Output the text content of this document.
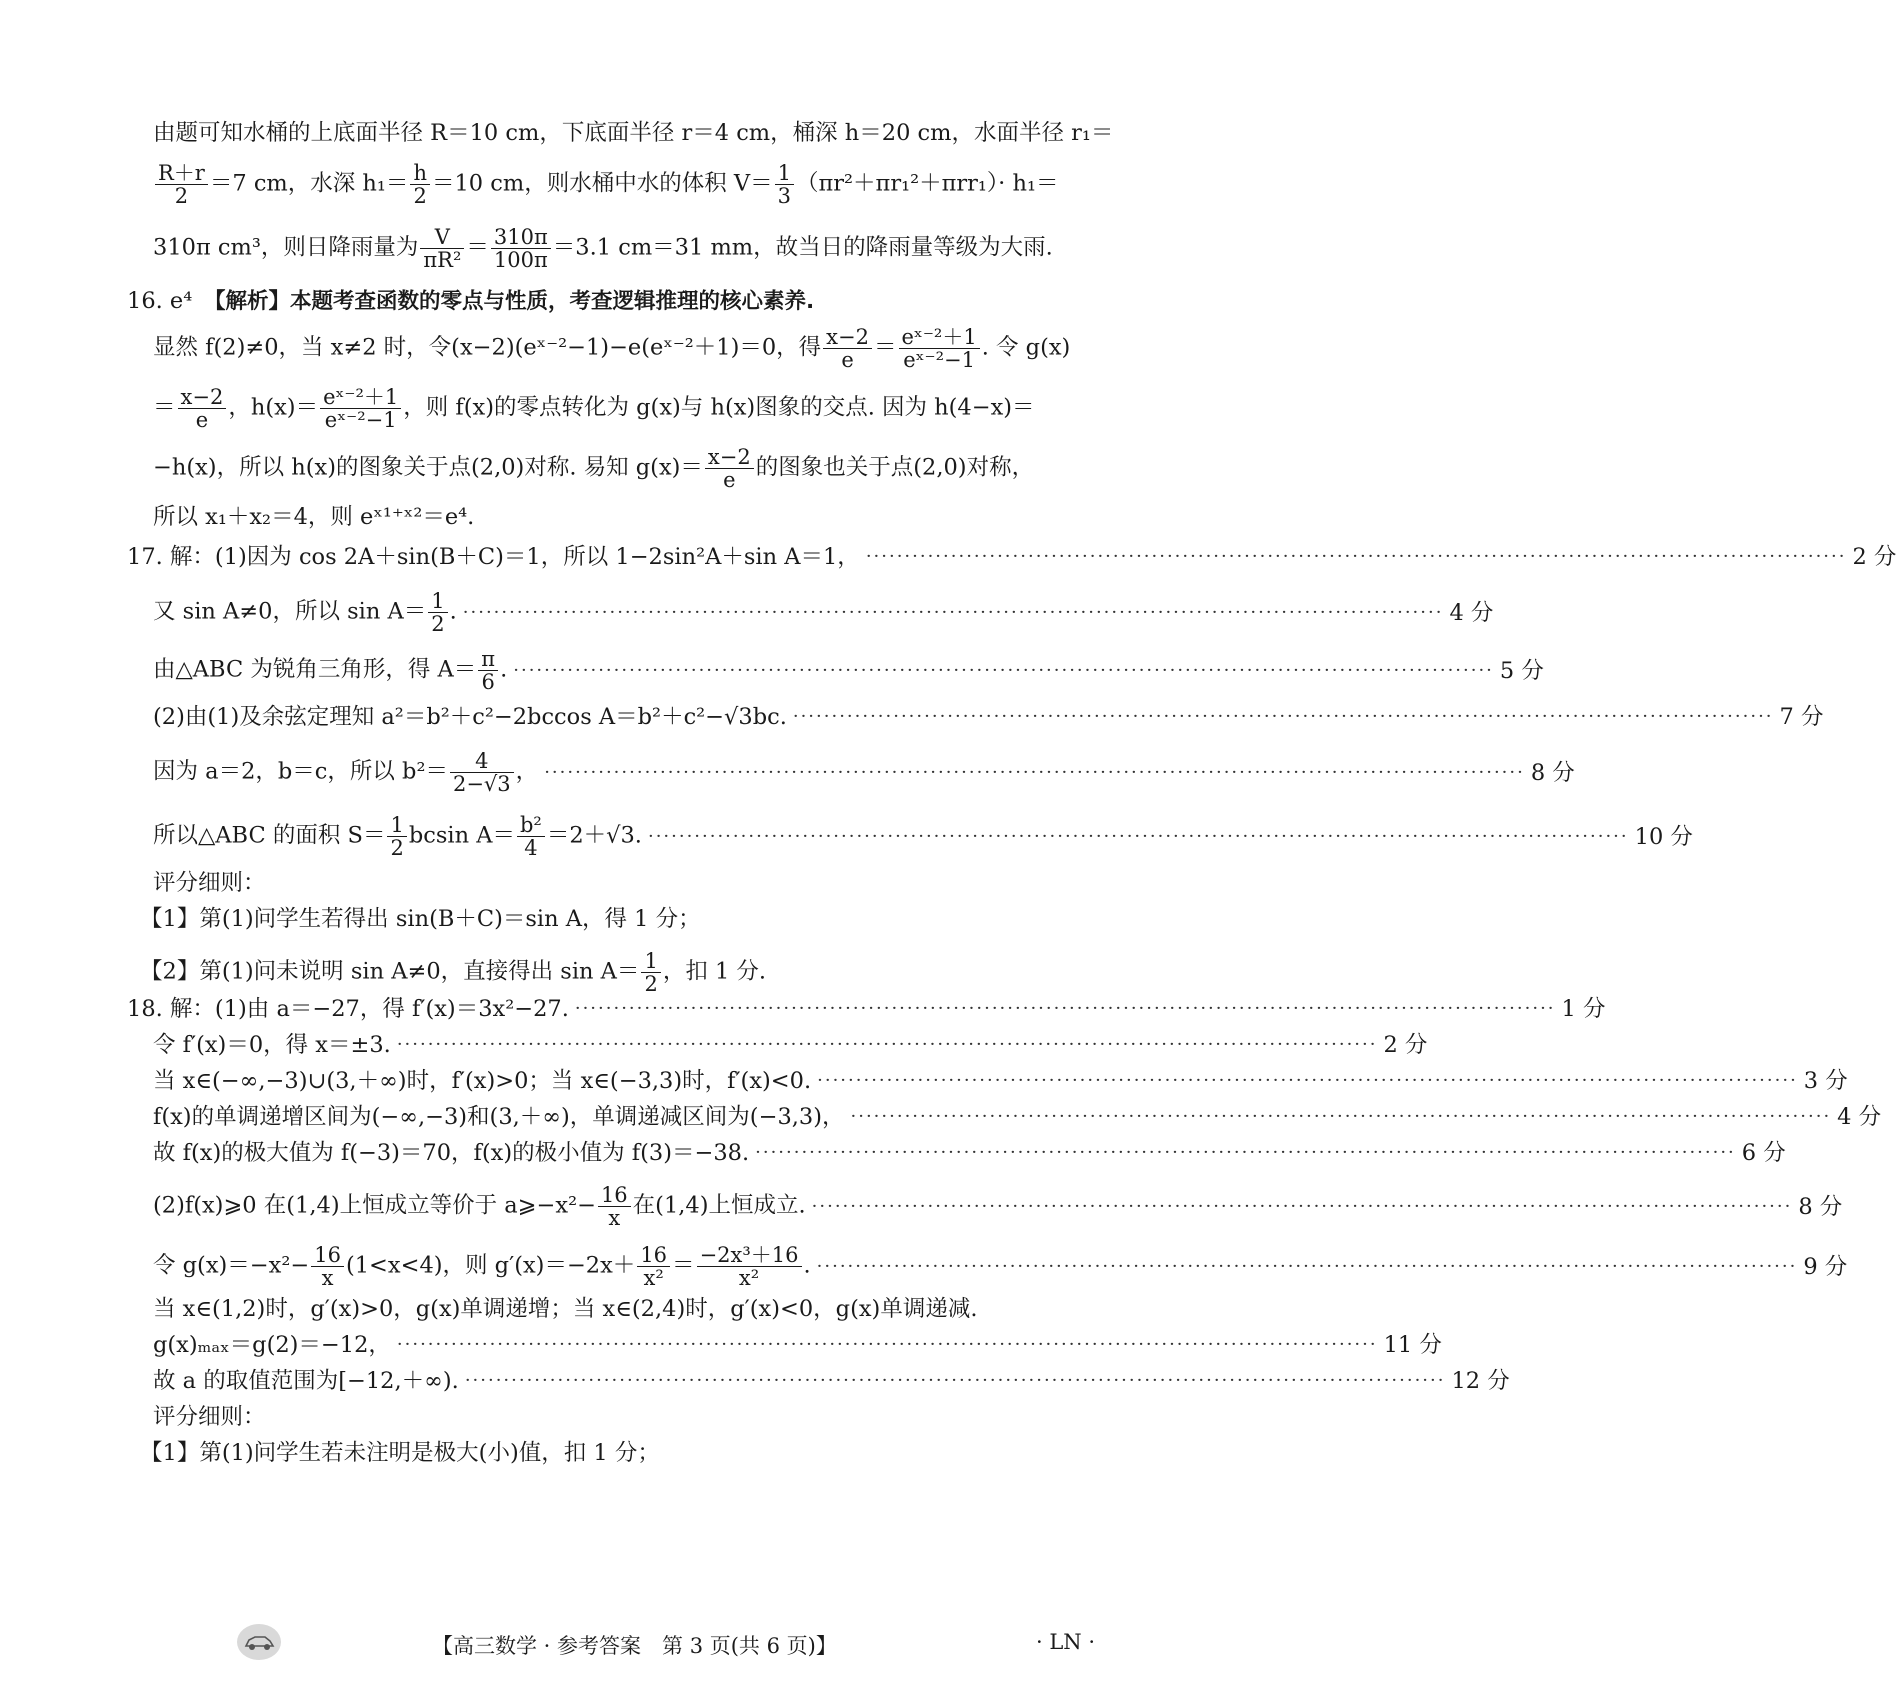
由题可知水桶的上底面半径 R＝10 cm，下底面半径 r＝4 cm，桶深 h＝20 cm，水面半径 r₁＝
$\frac{R+r}{2} =7$ cm，水深 $h_1= \frac{h}{2} =10$ cm，则水桶中水的体积 $V= \frac{1}{3} (\pi r^2+\pi r_1^2+\pi rr_1)\cdot h_1=$
310π cm³，则日降雨量为 $\frac{V}{\text{πR²}} = \frac{310\pi}{100\pi} =3.1$ cm＝31 mm，故当日的降雨量等级为大雨.
16. e⁴　 【解析】本题考查函数的零点与性质，考查逻辑推理的核心素养.
显然 f(2)≠0，当 x≠2 时，令(x−2)(eˣ⁻²−1)−e(eˣ⁻²＋1)＝0，得 $\frac{x-2}{e} = \frac{\text{eˣ⁻²＋1}}{\text{eˣ⁻²−1}}$ . 令 g(x)
＝ $\frac{x-2}{e}$ ，$h(x)= \frac{\text{eˣ⁻²＋1}}{\text{eˣ⁻²−1}}$ ，则 f(x)的零点转化为 g(x)与 h(x)图象的交点. 因为 h(4−x)＝
−h(x)，所以 h(x)的图象关于点(2,0)对称. 易知 $g(x)= \frac{x-2}{e}$ 的图象也关于点(2,0)对称，
所以 x₁＋x₂＝4，则 eˣ¹⁺ˣ²＝e⁴.
17. 解：(1)因为 cos 2A＋sin(B＋C)＝1，所以 1−2sin²A＋sin A＝1， ······························································································································· 2 分
又 sin A≠0，所以 $\sin A= \frac{1}{2}$ . ······························································································································· 4 分
由△ABC 为锐角三角形，得 $A= \frac{\pi}{6}$ . ······························································································································· 5 分
(2)由(1)及余弦定理知 a²＝b²＋c²−2bccos A＝b²＋c²−√3bc. ······························································································································· 7 分
因为 a＝2，b＝c，所以 $b^2= \frac{4}{2-√3}$ ， ······························································································································· 8 分
所以△ABC 的面积 $S= \frac{1}{2}$ bcsin $A= \frac{\text{b²}}{4} =2+√3$. ······························································································································· 10 分
评分细则：
【1】第(1)问学生若得出 sin(B＋C)＝sin A，得 1 分；
【2】第(1)问未说明 sin A≠0，直接得出 $\sin A= \frac{1}{2}$ ，扣 1 分.
18. 解：(1)由 a＝−27，得 f′(x)＝3x²−27. ······························································································································· 1 分
令 f′(x)＝0，得 x＝±3. ······························································································································· 2 分
当 x∈(−∞,−3)∪(3,＋∞)时，f′(x)>0；当 x∈(−3,3)时，f′(x)<0. ······························································································································· 3 分
f(x)的单调递增区间为(−∞,−3)和(3,＋∞)，单调递减区间为(−3,3)， ······························································································································· 4 分
故 f(x)的极大值为 f(−3)＝70，f(x)的极小值为 f(3)＝−38. ······························································································································· 6 分
(2)f(x)⩾0 在(1,4)上恒成立等价于 a⩾−x²− $\frac{16}{x}$ 在(1,4)上恒成立. ······························································································································· 8 分
令 $g(x)=-x^2- \frac{16}{x} (1<x<4)$，则 $g'(x)=-2x+ \frac{16}{\text{x²}} = \frac{\text{−2x³＋16}}{\text{x²}}$ . ······························································································································· 9 分
当 x∈(1,2)时，g′(x)>0，g(x)单调递增；当 x∈(2,4)时，g′(x)<0，g(x)单调递减.
g(x)ₘₐₓ＝g(2)＝−12， ······························································································································· 11 分
故 a 的取值范围为[−12,＋∞). ······························································································································· 12 分
评分细则：
【1】第(1)问学生若未注明是极大(小)值，扣 1 分；
【高三数学 · 参考答案　第 3 页(共 6 页)】	· LN ·
